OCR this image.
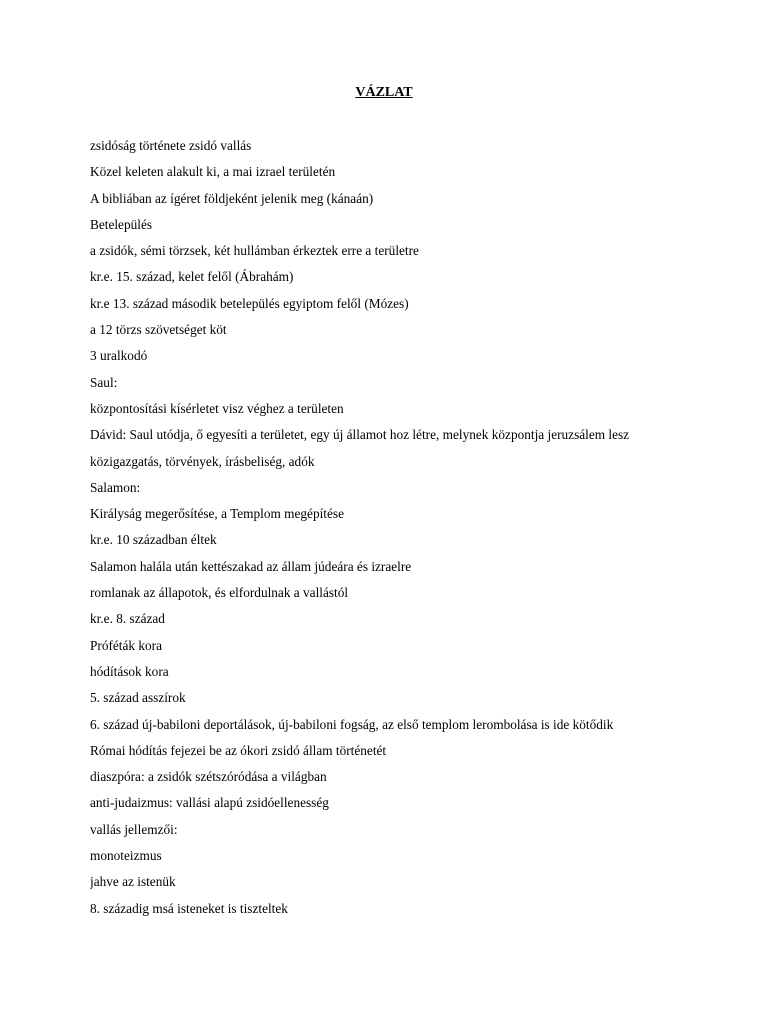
VÁZLAT
zsidóság története zsidó vallás
Közel keleten alakult ki, a mai izrael területén
A bibliában az ígéret földjeként jelenik meg (kánaán)
Betelepülés
a zsidók, sémi törzsek, két hullámban érkeztek erre a területre
kr.e. 15. század, kelet felől (Ábrahám)
kr.e 13. század második betelepülés egyiptom felől (Mózes)
a 12 törzs szövetséget köt
3 uralkodó
Saul:
központosítási kísérletet visz véghez a területen
Dávid: Saul utódja, ő egyesíti a területet, egy új államot hoz létre, melynek központja jeruzsálem lesz
közigazgatás, törvények, írásbeliség, adók
Salamon:
Királyság megerősítése, a Templom megépítése
kr.e. 10 században éltek
Salamon halála után kettészakad az állam júdeára és izraelre
romlanak az állapotok, és elfordulnak a vallástól
kr.e. 8. század
Próféták kora
hódítások kora
5. század asszírok
6. század új-babiloni deportálások, új-babiloni fogság, az első templom lerombolása is ide kötődik
Római hódítás fejezei be az ókori zsidó állam történetét
diaszpóra: a zsidók szétszóródása a világban
anti-judaizmus: vallási alapú zsidóellenesség
vallás jellemzői:
monoteizmus
jahve az istenük
8. századig msá isteneket is tiszteltek
